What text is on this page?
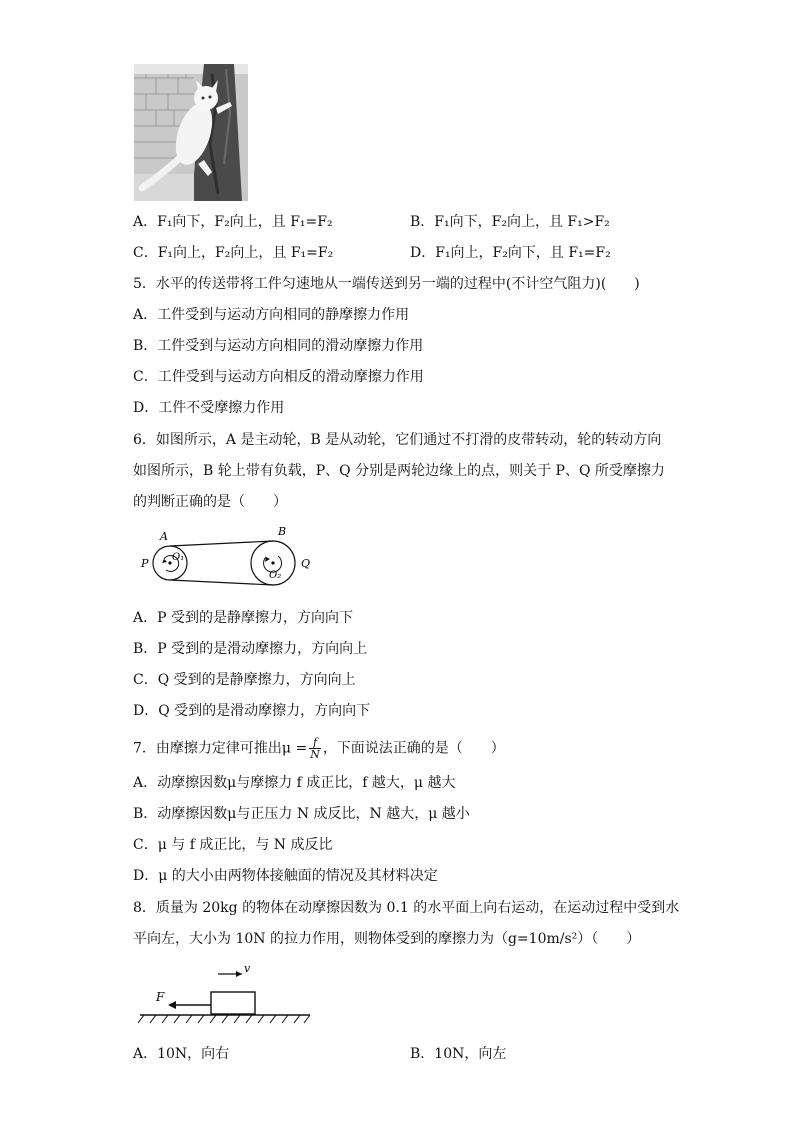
A．F₁向下，F₂向上，且 F₁=F₂	B．F₁向下，F₂向上，且 F₁>F₂
C．F₁向上，F₂向上，且 F₁=F₂	D．F₁向上，F₂向下，且 F₁=F₂
5．水平的传送带将工件匀速地从一端传送到另一端的过程中(不计空气阻力)(　　)
A．工件受到与运动方向相同的静摩擦力作用
B．工件受到与运动方向相同的滑动摩擦力作用
C．工件受到与运动方向相反的滑动摩擦力作用
D．工件不受摩擦力作用
6．如图所示，A 是主动轮，B 是从动轮，它们通过不打滑的皮带转动，轮的转动方向
如图所示，B 轮上带有负载，P、Q 分别是两轮边缘上的点，则关于 P、Q 所受摩擦力
的判断正确的是（　　）
A	B
P	Q
O₁
O₂
A．P 受到的是静摩擦力，方向向下
B．P 受到的是滑动摩擦力，方向向上
C．Q 受到的是静摩擦力，方向向上
D．Q 受到的是滑动摩擦力，方向向下
7．由摩擦力定律可推出$\mu = \frac{f}{N}$ ，下面说法正确的是（　　）
A．动摩擦因数μ与摩擦力 f 成正比，f 越大，μ 越大
B．动摩擦因数μ与正压力 N 成反比，N 越大，μ 越小
C．μ 与 f 成正比，与 N 成反比
D．μ 的大小由两物体接触面的情况及其材料决定
8．质量为 20kg 的物体在动摩擦因数为 0.1 的水平面上向右运动，在运动过程中受到水
平向左，大小为 10N 的拉力作用，则物体受到的摩擦力为（g=10m/s²）（　　）
v
F
A．10N，向右	B．10N，向左
